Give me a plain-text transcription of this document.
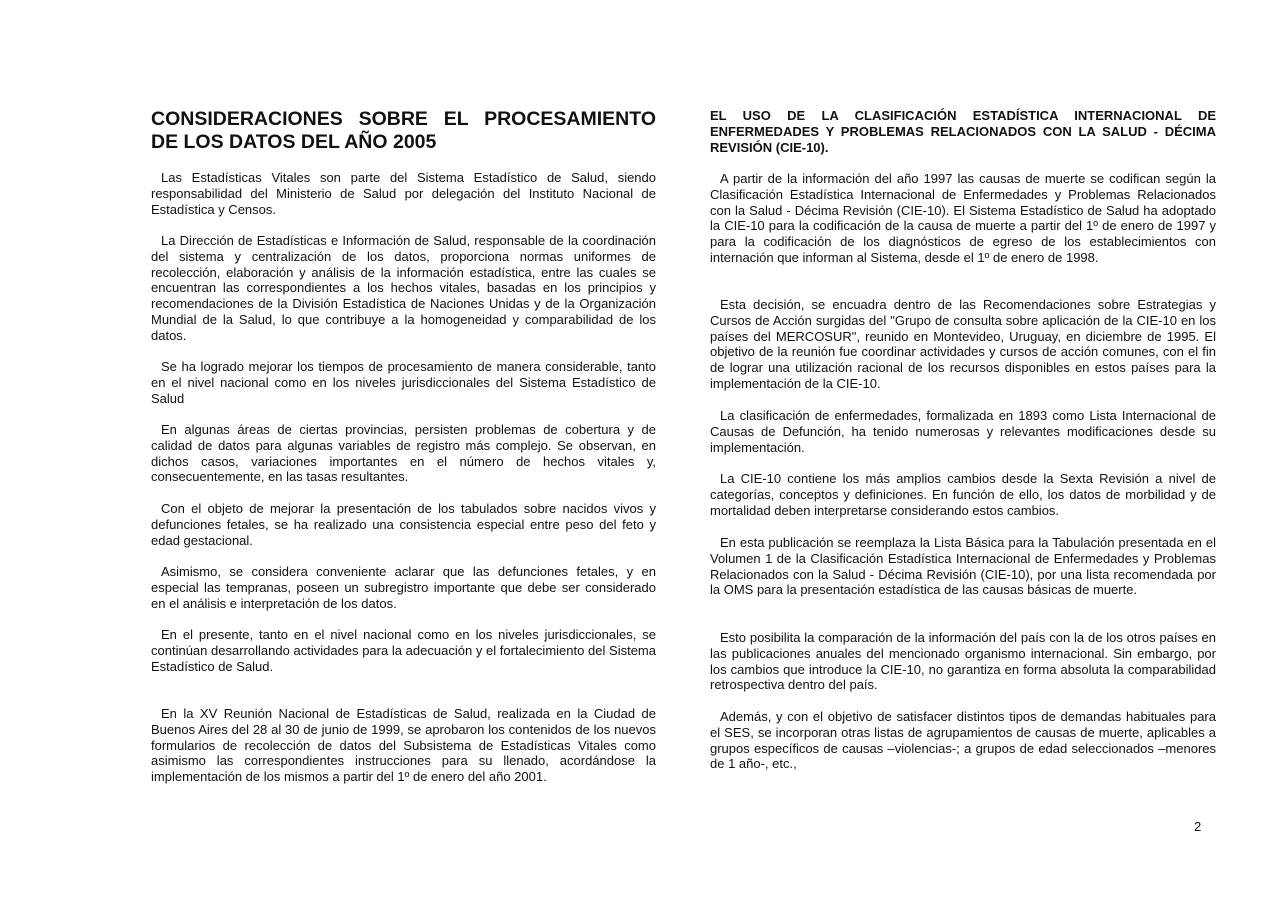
CONSIDERACIONES SOBRE EL PROCESAMIENTO DE LOS DATOS DEL AÑO 2005

Las Estadísticas Vitales son parte del Sistema Estadístico de Salud, siendo responsabilidad del Ministerio de Salud por delegación del Instituto Nacional de Estadística y Censos.

La Dirección de Estadísticas e Información de Salud, responsable de la coordinación del sistema y centralización de los datos, proporciona normas uniformes de recolección, elaboración y análisis de la información estadística, entre las cuales se encuentran las correspondientes a los hechos vitales, basadas en los principios y recomendaciones de la División Estadística de Naciones Unidas y de la Organización Mundial de la Salud, lo que contribuye a la homogeneidad y comparabilidad de los datos.

Se ha logrado mejorar los tiempos de procesamiento de manera considerable, tanto en el nivel nacional como en los niveles jurisdiccionales del Sistema Estadístico de Salud

En algunas áreas de ciertas provincias, persisten problemas de cobertura y de calidad de datos para algunas variables de registro más complejo. Se observan, en dichos casos, variaciones importantes en el número de hechos vitales y, consecuentemente, en las tasas resultantes.

Con el objeto de mejorar la presentación de los tabulados sobre nacidos vivos y defunciones fetales, se ha realizado una consistencia especial entre peso del feto y edad gestacional.

Asimismo, se considera conveniente aclarar que las defunciones fetales, y en especial las tempranas, poseen un subregistro importante que debe ser considerado en el análisis e interpretación de los datos.

En el presente, tanto en el nivel nacional como en los niveles jurisdiccionales, se continúan desarrollando actividades para la adecuación y el fortalecimiento del Sistema Estadístico de Salud.

En la XV Reunión Nacional de Estadísticas de Salud, realizada en la Ciudad de Buenos Aires del 28 al 30 de junio de 1999, se aprobaron los contenidos de los nuevos formularios de recolección de datos del Subsistema de Estadísticas Vitales como asimismo las correspondientes instrucciones para su llenado, acordándose la implementación de los mismos a partir del 1º de enero del año 2001.

EL USO DE LA CLASIFICACIÓN ESTADÍSTICA INTERNACIONAL DE ENFERMEDADES Y PROBLEMAS RELACIONADOS CON LA SALUD - DÉCIMA REVISIÓN (CIE-10).

A partir de la información del año 1997 las causas de muerte se codifican según la Clasificación Estadística Internacional de Enfermedades y Problemas Relacionados con la Salud - Décima Revisión (CIE-10). El Sistema Estadístico de Salud ha adoptado la CIE-10 para la codificación de la causa de muerte a partir del 1º de enero de 1997 y para la codificación de los diagnósticos de egreso de los establecimientos con internación que informan al Sistema, desde el 1º de enero de 1998.

Esta decisión, se encuadra dentro de las Recomendaciones sobre Estrategias y Cursos de Acción surgidas del "Grupo de consulta sobre aplicación de la CIE-10 en los países del MERCOSUR", reunido en Montevideo, Uruguay, en diciembre de 1995. El objetivo de la reunión fue coordinar actividades y cursos de acción comunes, con el fin de lograr una utilización racional de los recursos disponibles en estos países para la implementación de la CIE-10.

La clasificación de enfermedades, formalizada en 1893 como Lista Internacional de Causas de Defunción, ha tenido numerosas y relevantes modificaciones desde su implementación.

La CIE-10 contiene los más amplios cambios desde la Sexta Revisión a nivel de categorías, conceptos y definiciones. En función de ello, los datos de morbilidad y de mortalidad deben interpretarse considerando estos cambios.

En esta publicación se reemplaza la Lista Básica para la Tabulación presentada en el Volumen 1 de la Clasificación Estadística Internacional de Enfermedades y Problemas Relacionados con la Salud - Décima Revisión (CIE-10), por una lista recomendada por la OMS para la presentación estadística de las causas básicas de muerte.

Esto posibilita la comparación de la información del país con la de los otros países en las publicaciones anuales del mencionado organismo internacional. Sin embargo, por los cambios que introduce la CIE-10, no garantiza en forma absoluta la comparabilidad retrospectiva dentro del país.

Además, y con el objetivo de satisfacer distintos tipos de demandas habituales para el SES, se incorporan otras listas de agrupamientos de causas de muerte, aplicables a grupos específicos de causas –violencias-; a grupos de edad seleccionados –menores de 1 año-, etc.,

2
